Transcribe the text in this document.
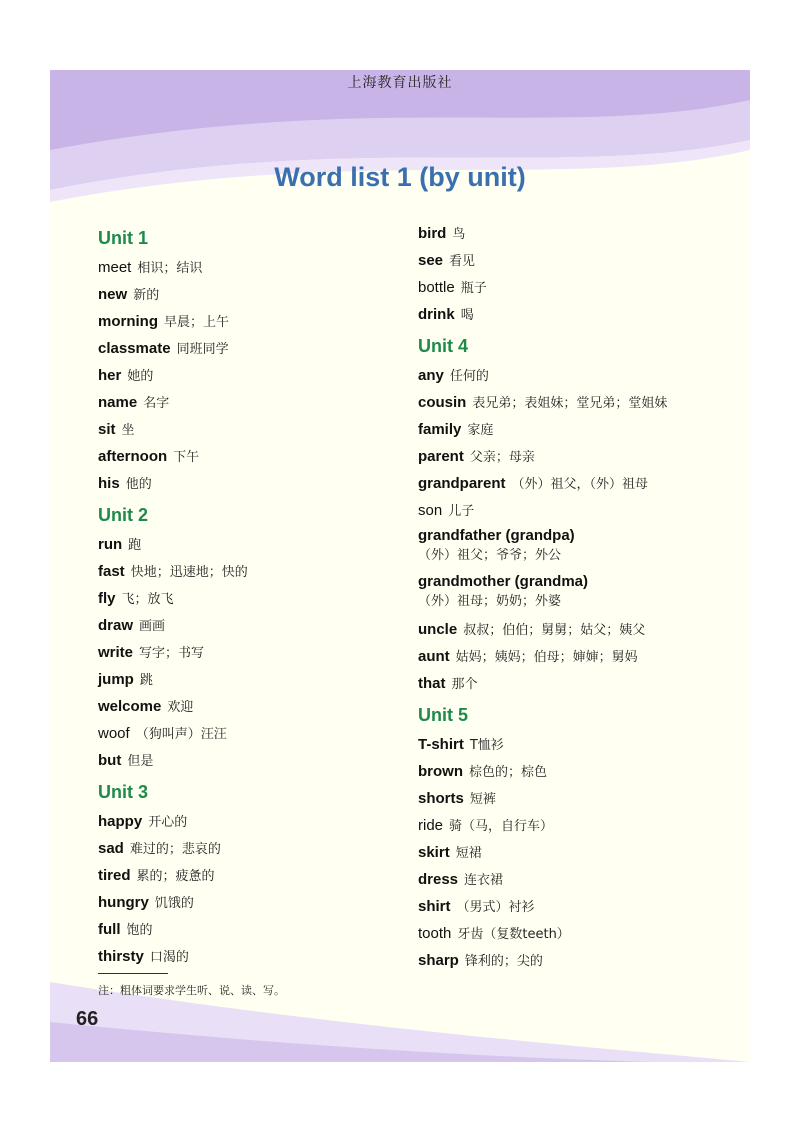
上海教育出版社
Word list 1 (by unit)
Unit 1
meet 相识；结识
new 新的
morning 早晨；上午
classmate 同班同学
her 她的
name 名字
sit 坐
afternoon 下午
his 他的
Unit 2
run 跑
fast 快地；迅速地；快的
fly 飞；放飞
draw 画画
write 写字；书写
jump 跳
welcome 欢迎
woof （狗叫声）汪汪
but 但是
Unit 3
happy 开心的
sad 难过的；悲哀的
tired 累的；疲惫的
hungry 饥饿的
full 饱的
thirsty 口渴的
bird 鸟
see 看见
bottle 瓶子
drink 喝
Unit 4
any 任何的
cousin 表兄弟；表姐妹；堂兄弟；堂姐妹
family 家庭
parent 父亲；母亲
grandparent （外）祖父，（外）祖母
son 儿子
grandfather (grandpa)
（外）祖父；爷爷；外公
grandmother (grandma)
（外）祖母；奶奶；外婆
uncle 叔叔；伯伯；舅舅；姑父；姨父
aunt 姑妈；姨妈；伯母；婶婶；舅妈
that 那个
Unit 5
T-shirt T恤衫
brown 棕色的；棕色
shorts 短裤
ride 骑（马，自行车）
skirt 短裙
dress 连衣裙
shirt （男式）衬衫
tooth 牙齿（复数teeth）
sharp 锋利的；尖的
注：粗体词要求学生听、说、读、写。
66
